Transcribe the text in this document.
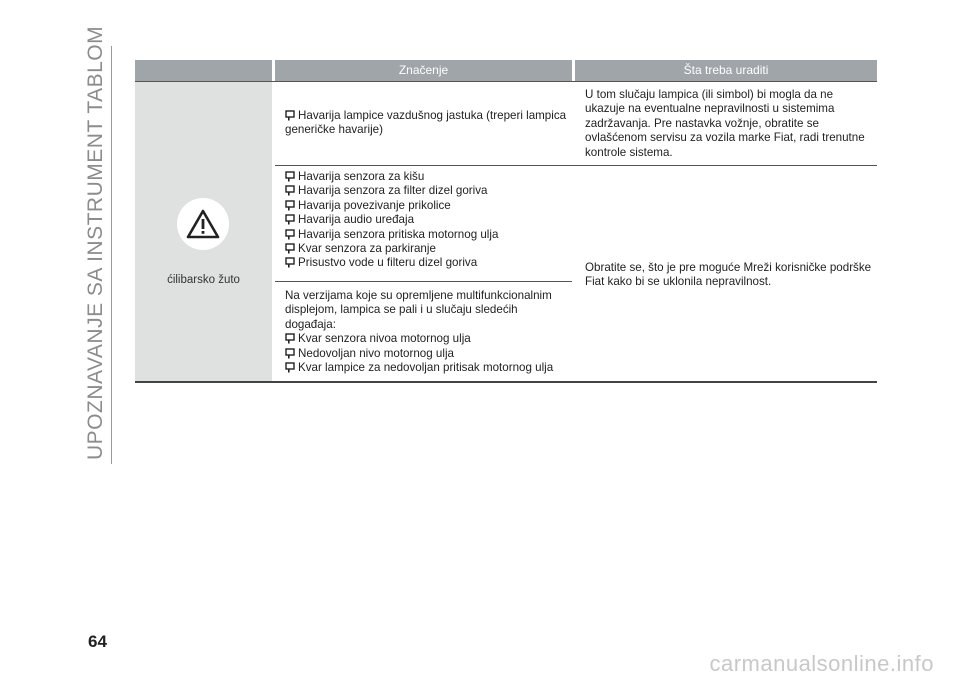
UPOZNAVANJE SA INSTRUMENT TABLOM	Značenje	Šta treba uraditi
ćilibarsko žuto
Havarija lampice vazdušnog jastuka (treperi lampica
generičke havarije)
U tom slučaju lampica (ili simbol) bi mogla da ne
ukazuje na eventualne nepravilnosti u sistemima
zadržavanja. Pre nastavka vožnje, obratite se
ovlašćenom servisu za vozila marke Fiat, radi trenutne
kontrole sistema.
Havarija senzora za kišu
Havarija senzora za filter dizel goriva
Havarija povezivanje prikolice
Havarija audio uređaja
Havarija senzora pritiska motornog ulja
Kvar senzora za parkiranje
Prisustvo vode u filteru dizel goriva
Na verzijama koje su opremljene multifunkcionalnim
displejom, lampica se pali i u slučaju sledećih
događaja:
Kvar senzora nivoa motornog ulja
Nedovoljan nivo motornog ulja
Kvar lampice za nedovoljan pritisak motornog ulja
Obratite se, što je pre moguće Mreži korisničke podrške
Fiat kako bi se uklonila nepravilnost.
64
carmanualsonline.info
